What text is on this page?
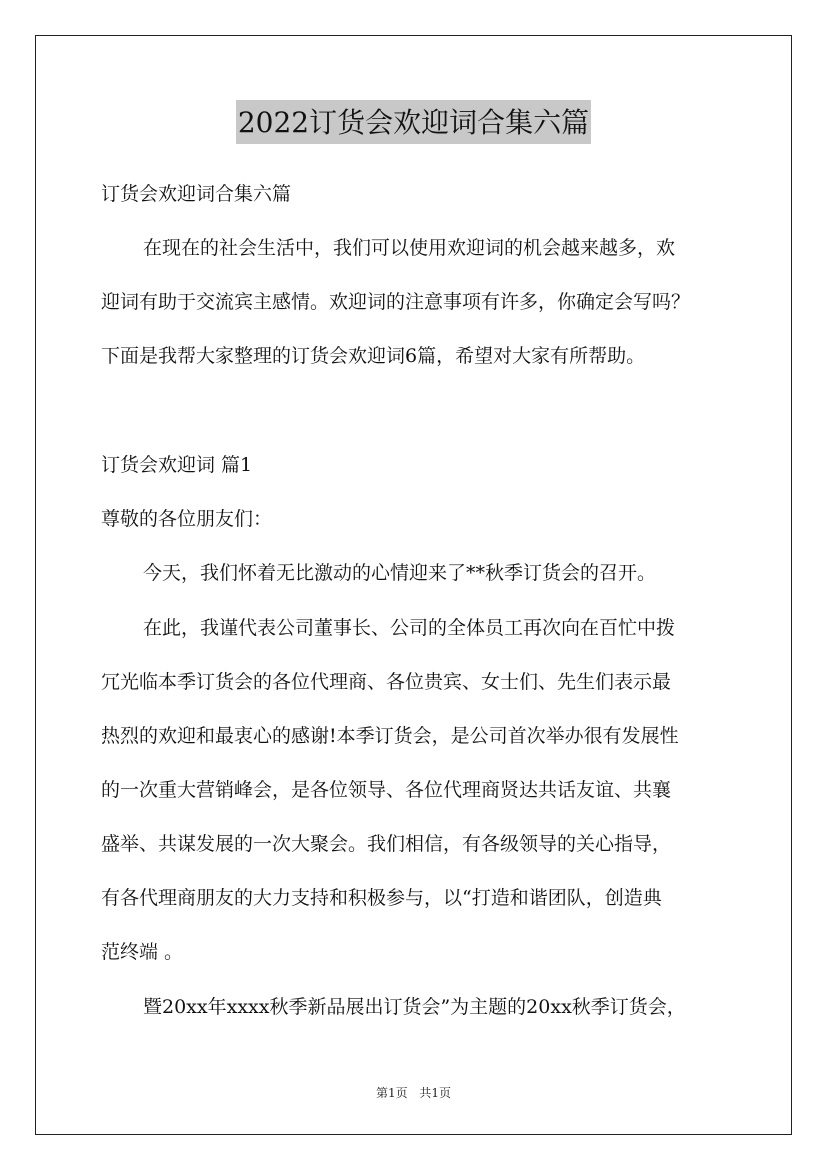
2022订货会欢迎词合集六篇
订货会欢迎词合集六篇
在现在的社会生活中，我们可以使用欢迎词的机会越来越多，欢
迎词有助于交流宾主感情。欢迎词的注意事项有许多，你确定会写吗？
下面是我帮大家整理的订货会欢迎词6篇，希望对大家有所帮助。
订货会欢迎词 篇1
尊敬的各位朋友们：
今天，我们怀着无比激动的心情迎来了**秋季订货会的召开。
在此，我谨代表公司董事长、公司的全体员工再次向在百忙中拨
冗光临本季订货会的各位代理商、各位贵宾、女士们、先生们表示最
热烈的欢迎和最衷心的感谢!本季订货会，是公司首次举办很有发展性
的一次重大营销峰会，是各位领导、各位代理商贤达共话友谊、共襄
盛举、共谋发展的一次大聚会。我们相信，有各级领导的关心指导，
有各代理商朋友的大力支持和积极参与，以“打造和谐团队，创造典
范终端 。
暨20xx年xxxx秋季新品展出订货会”为主题的20xx秋季订货会，
第1页 共1页
